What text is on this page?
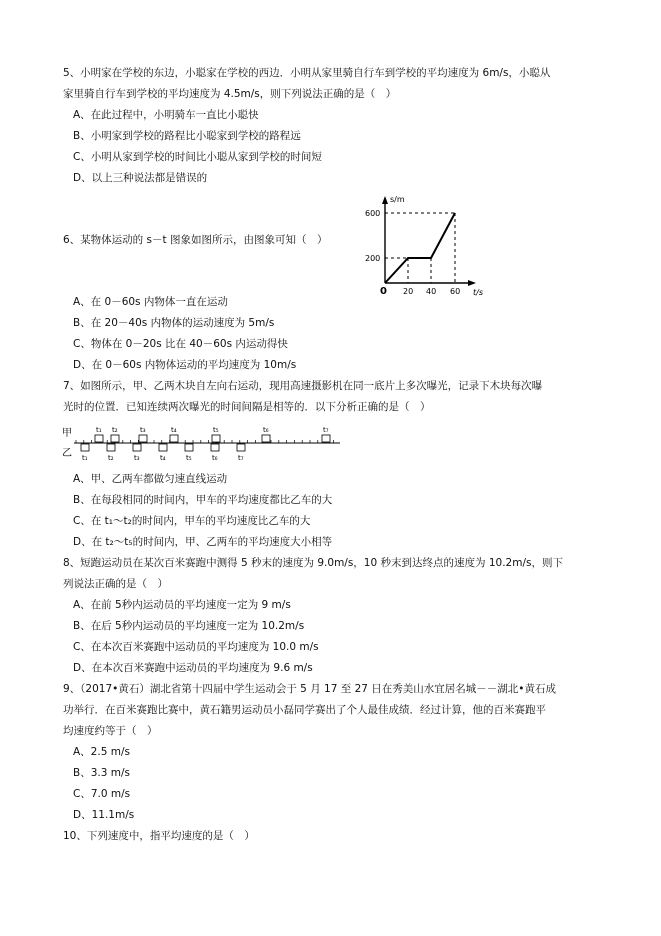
5、小明家在学校的东边，小聪家在学校的西边．小明从家里骑自行车到学校的平均速度为 6m/s，小聪从
家里骑自行车到学校的平均速度为 4.5m/s，则下列说法正确的是（　）
A、在此过程中，小明骑车一直比小聪快
B、小明家到学校的路程比小聪家到学校的路程远
C、小明从家到学校的时间比小聪从家到学校的时间短
D、以上三种说法都是错误的
6、某物体运动的 s－t 图象如图所示，由图象可知（　）
s/m
t/s
600
200
0 20 40 60
A、在 0－60s 内物体一直在运动
B、在 20－40s 内物体的运动速度为 5m/s
C、物体在 0－20s 比在 40－60s 内运动得快
D、在 0－60s 内物体运动的平均速度为 10m/s
7、如图所示，甲、乙两木块自左向右运动，现用高速摄影机在同一底片上多次曝光，记录下木块每次曝
光时的位置．已知连续两次曝光的时间间隔是相等的．以下分析正确的是（　）
甲
乙
t₁ t₂	t₃	t₄	t₅	t₆	t₇
t₁	t₂	t₃	t₄	t₅	t₆	t₇
A、甲、乙两车都做匀速直线运动
B、在每段相同的时间内，甲车的平均速度都比乙车的大
C、在 t₁～t₂的时间内，甲车的平均速度比乙车的大
D、在 t₂～t₅的时间内，甲、乙两车的平均速度大小相等
8、短跑运动员在某次百米赛跑中测得 5 秒末的速度为 9.0m/s，10 秒末到达终点的速度为 10.2m/s，则下
列说法正确的是（　）
A、在前 5秒内运动员的平均速度一定为 9 m/s
B、在后 5秒内运动员的平均速度一定为 10.2m/s
C、在本次百米赛跑中运动员的平均速度为 10.0 m/s
D、在本次百米赛跑中运动员的平均速度为 9.6 m/s
9、（2017•黄石）湖北省第十四届中学生运动会于 5 月 17 至 27 日在秀美山水宜居名城－－湖北•黄石成
功举行．在百米赛跑比赛中，黄石籍男运动员小磊同学赛出了个人最佳成绩．经过计算，他的百米赛跑平
均速度约等于（　）
A、2.5 m/s
B、3.3 m/s
C、7.0 m/s
D、11.1m/s
10、下列速度中，指平均速度的是（　）
